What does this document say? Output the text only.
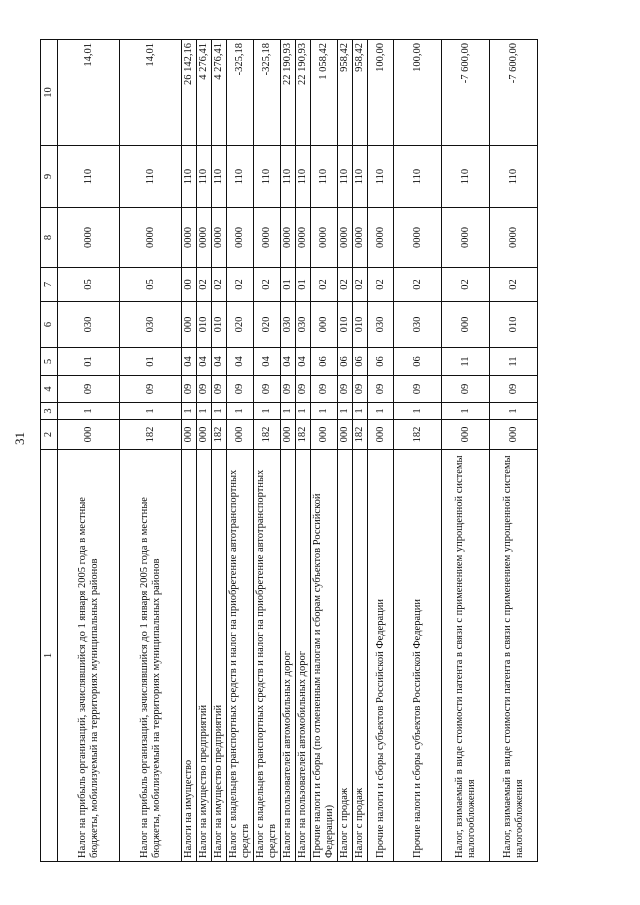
31
1	2	3	4	5	6	7	8	9	10
Налог на прибыль организаций, зачислявшийся до 1 января 2005 года в местные бюджеты, мобилизуемый на территориях муниципальных районов	000	1	09	01	030	05	0000	110	14,01
Налог на прибыль организаций, зачислявшийся до 1 января 2005 года в местные бюджеты, мобилизуемый на территориях муниципальных районов	182	1	09	01	030	05	0000	110	14,01
Налоги на имущество	000	1	09	04	000	00	0000	110	26 142,16
Налог на имущество предприятий	000	1	09	04	010	02	0000	110	4 276,41
Налог на имущество предприятий	182	1	09	04	010	02	0000	110	4 276,41
Налог с владельцев транспортных средств и налог на приобретение автотранспортных средств	000	1	09	04	020	02	0000	110	-325,18
Налог с владельцев транспортных средств и налог на приобретение автотранспортных средств	182	1	09	04	020	02	0000	110	-325,18
Налог на пользователей автомобильных дорог	000	1	09	04	030	01	0000	110	22 190,93
Налог на пользователей автомобильных дорог	182	1	09	04	030	01	0000	110	22 190,93
Прочие налоги и сборы (по отмененным налогам и сборам субъектов Российской Федерации)	000	1	09	06	000	02	0000	110	1 058,42
Налог с продаж	000	1	09	06	010	02	0000	110	958,42
Налог с продаж	182	1	09	06	010	02	0000	110	958,42
Прочие налоги и сборы субъектов Российской Федерации	000	1	09	06	030	02	0000	110	100,00
Прочие налоги и сборы субъектов Российской Федерации	182	1	09	06	030	02	0000	110	100,00
Налог, взимаемый в виде стоимости патента в связи с применением упрощенной системы налогообложения	000	1	09	11	000	02	0000	110	-7 600,00
Налог, взимаемый в виде стоимости патента в связи с применением упрощенной системы налогообложения	000	1	09	11	010	02	0000	110	-7 600,00
